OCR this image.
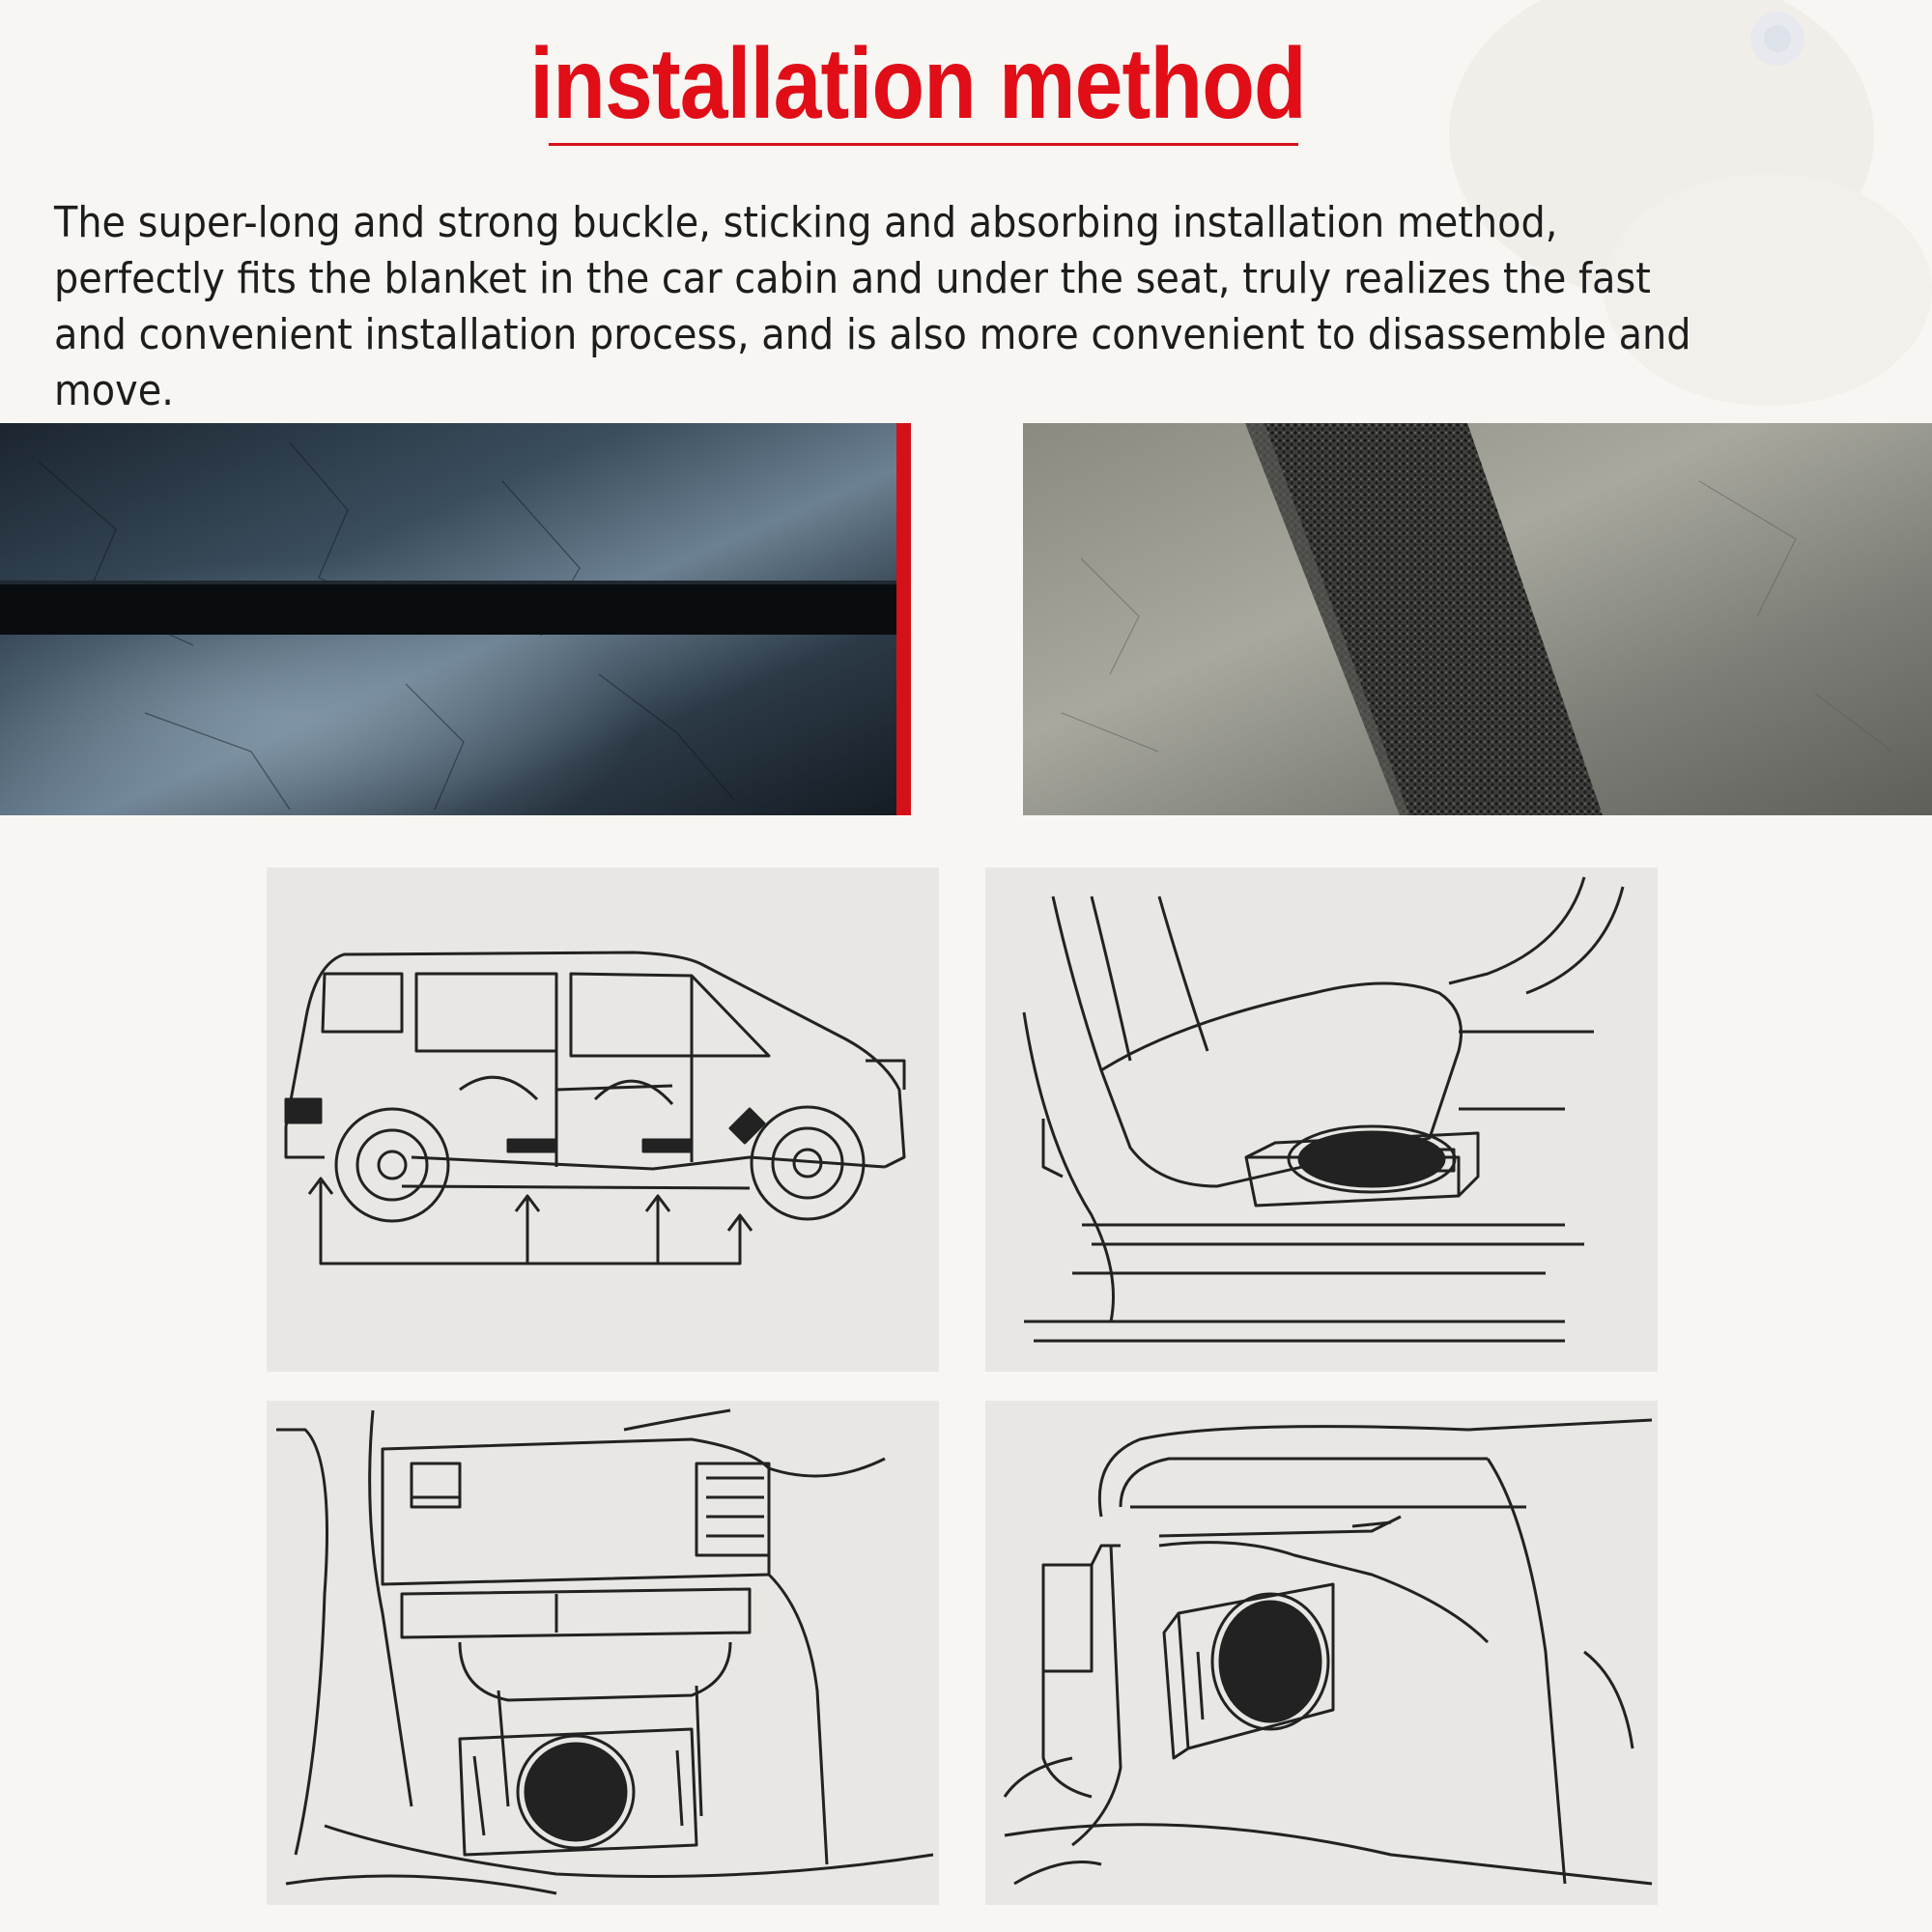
installation method
The super-long and strong buckle, sticking and absorbing installation method, perfectly fits the blanket in the car cabin and under the seat, truly realizes the fast and convenient installation process, and is also more convenient to disassemble and move.
